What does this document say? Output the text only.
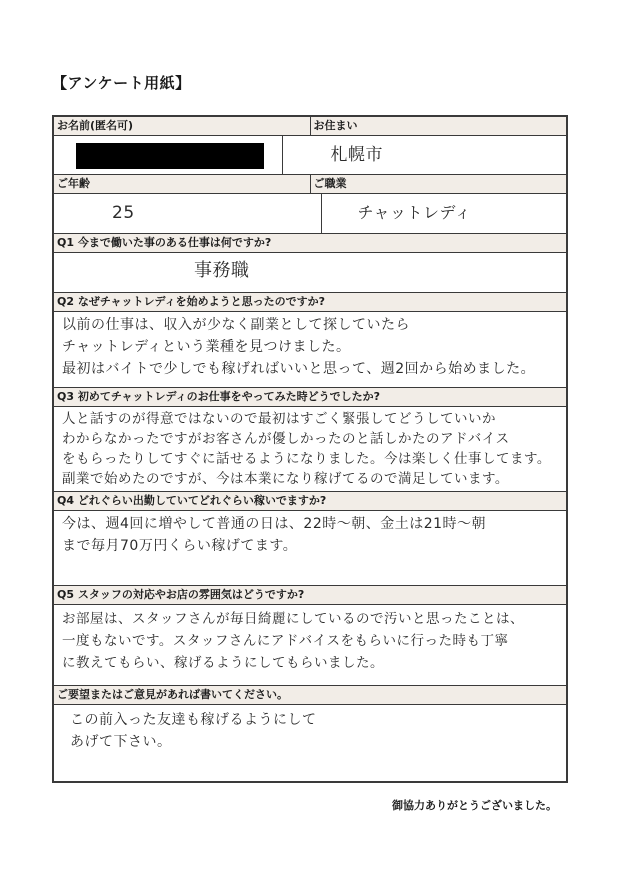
【アンケート用紙】
お名前(匿名可)	お住まい
札幌市
ご年齢	ご職業
25	チャットレディ
Q1 今まで働いた事のある仕事は何ですか?

事務職

Q2 なぜチャットレディを始めようと思ったのですか?

以前の仕事は、収入が少なく副業として探していたら

チャットレディという業種を見つけました。

最初はバイトで少しでも稼げればいいと思って、週2回から始めました。

Q3 初めてチャットレディのお仕事をやってみた時どうでしたか?

人と話すのが得意ではないので最初はすごく緊張してどうしていいか

わからなかったですがお客さんが優しかったのと話しかたのアドバイス

をもらったりしてすぐに話せるようになりました。今は楽しく仕事してます。

副業で始めたのですが、今は本業になり稼げてるので満足しています。

Q4 どれぐらい出勤していてどれぐらい稼いでますか?

今は、週4回に増やして普通の日は、22時〜朝、金土は21時〜朝

まで毎月70万円くらい稼げてます。

Q5 スタッフの対応やお店の雰囲気はどうですか?

お部屋は、スタッフさんが毎日綺麗にしているので汚いと思ったことは、

一度もないです。スタッフさんにアドバイスをもらいに行った時も丁寧

に教えてもらい、稼げるようにしてもらいました。

ご要望またはご意見があれば書いてください。

この前入った友達も稼げるようにして

あげて下さい。

御協力ありがとうございました。
